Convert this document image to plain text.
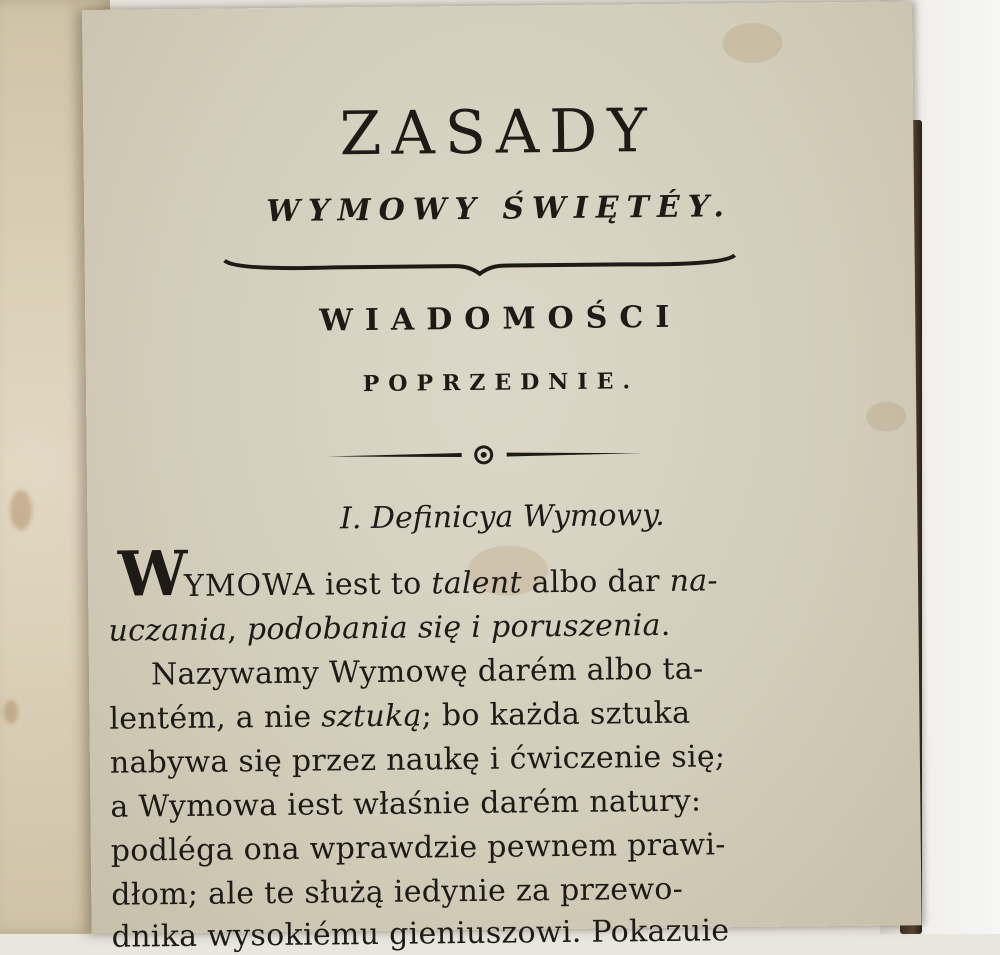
ZASADY
WYMOWY ŚWIĘTÉY.
WIADOMOŚCI
POPRZEDNIE.
I. Definicya Wymowy.
W
YMOWA iest to talent albo dar na-
uczania, podobania się i poruszenia.
Nazywamy Wymowę darém albo ta-
lentém, a nie sztuką; bo każda sztuka
nabywa się przez naukę i ćwiczenie się;
a Wymowa iest właśnie darém natury:
podléga ona wprawdzie pewnem prawi-
dłom; ale te służą iedynie za przewo-
dnika wysokiému gieniuszowi. Pokazuie
